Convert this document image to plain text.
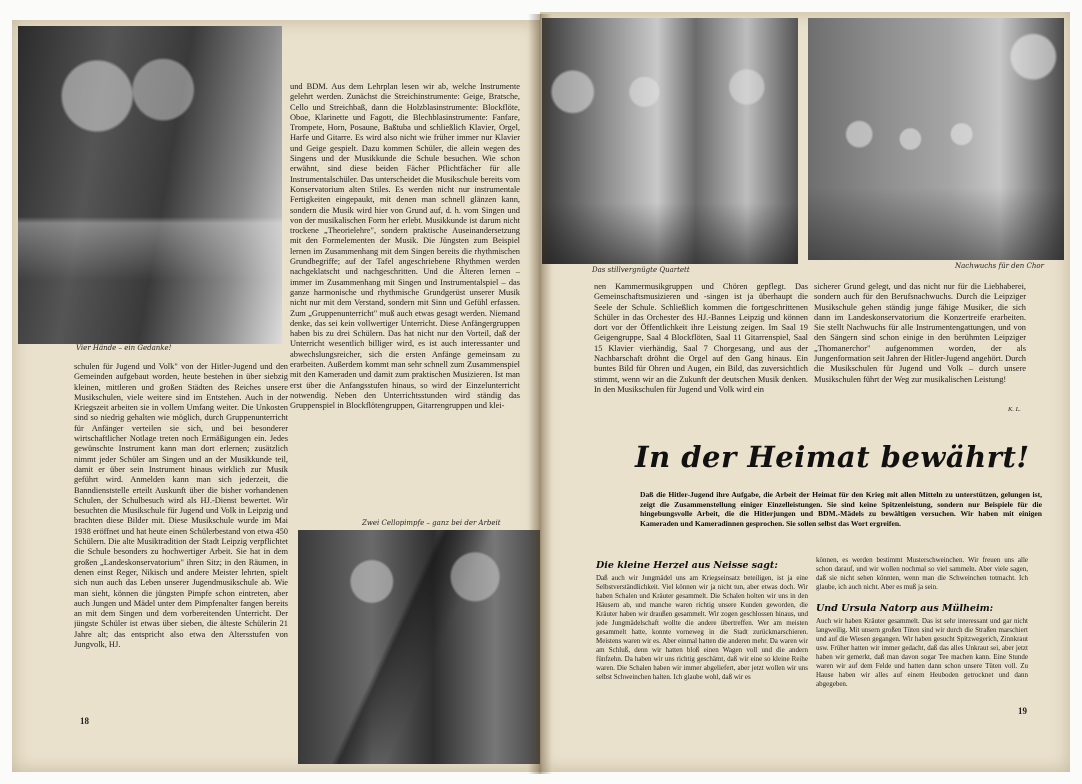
Vier Hände – ein Gedanke!

schulen für Jugend und Volk" von der Hitler-Jugend und den Gemeinden aufgebaut worden, heute bestehen in über siebzig kleinen, mittleren und großen Städten des Reiches unsere Musikschulen, viele weitere sind im Entstehen. Auch in der Kriegszeit arbeiten sie in vollem Umfang weiter. Die Unkosten sind so niedrig gehalten wie möglich, durch Gruppenunterricht für Anfänger verteilen sie sich, und bei besonderer wirtschaftlicher Notlage treten noch Ermäßigungen ein. Jedes gewünschte Instrument kann man dort erlernen; zusätzlich nimmt jeder Schüler am Singen und an der Musikkunde teil, damit er über sein Instrument hinaus wirklich zur Musik geführt wird. Anmelden kann man sich jederzeit, die Banndienststelle erteilt Auskunft über die bisher vorhandenen Schulen, der Schulbesuch wird als HJ.-Dienst bewertet. Wir besuchten die Musikschule für Jugend und Volk in Leipzig und brachten diese Bilder mit. Diese Musikschule wurde im Mai 1938 eröffnet und hat heute einen Schülerbestand von etwa 450 Schülern. Die alte Musiktradition der Stadt Leipzig verpflichtet die Schule besonders zu hochwertiger Arbeit. Sie hat in dem großen „Landeskonservatorium" ihren Sitz; in den Räumen, in denen einst Reger, Nikisch und andere Meister lehrten, spielt sich nun auch das Leben unserer Jugendmusikschule ab. Wie man sieht, können die jüngsten Pimpfe schon eintreten, aber auch Jungen und Mädel unter dem Pimpfenalter fangen bereits an mit dem Singen und dem vorbereitenden Unterricht. Der jüngste Schüler ist etwas über sieben, die älteste Schülerin 21 Jahre alt; das entspricht also etwa den Altersstufen von Jungvolk, HJ.

und BDM. Aus dem Lehrplan lesen wir ab, welche Instrumente gelehrt werden. Zunächst die Streichinstrumente: Geige, Bratsche, Cello und Streichbaß, dann die Holzblasinstrumente: Blockflöte, Oboe, Klarinette und Fagott, die Blechblasinstrumente: Fanfare, Trompete, Horn, Posaune, Baßtuba und schließlich Klavier, Orgel, Harfe und Gitarre. Es wird also nicht wie früher immer nur Klavier und Geige gespielt. Dazu kommen Schüler, die allein wegen des Singens und der Musikkunde die Schule besuchen. Wie schon erwähnt, sind diese beiden Fächer Pflichtfächer für alle Instrumentalschüler. Das unterscheidet die Musikschule bereits vom Konservatorium alten Stiles. Es werden nicht nur instrumentale Fertigkeiten eingepaukt, mit denen man schnell glänzen kann, sondern die Musik wird hier von Grund auf, d. h. vom Singen und von der musikalischen Form her erlebt. Musikkunde ist darum nicht trockene „Theorielehre", sondern praktische Auseinandersetzung mit den Formelementen der Musik. Die Jüngsten zum Beispiel lernen im Zusammenhang mit dem Singen bereits die rhythmischen Grundbegriffe; auf der Tafel angeschriebene Rhythmen werden nachgeklatscht und nachgeschritten. Und die Älteren lernen – immer im Zusammenhang mit Singen und Instrumentalspiel – das ganze harmonische und rhythmische Grundgerüst unserer Musik nicht nur mit dem Verstand, sondern mit Sinn und Gefühl erfassen. Zum „Gruppenunterricht" muß auch etwas gesagt werden. Niemand denke, das sei kein vollwertiger Unterricht. Diese Anfängergruppen haben bis zu drei Schülern. Das hat nicht nur den Vorteil, daß der Unterricht wesentlich billiger wird, es ist auch interessanter und abwechslungsreicher, sich die ersten Anfänge gemeinsam zu erarbeiten. Außerdem kommt man sehr schnell zum Zusammenspiel mit den Kameraden und damit zum praktischen Musizieren. Ist man erst über die Anfangsstufen hinaus, so wird der Einzelunterricht notwendig. Neben den Unterrichtsstunden wird ständig das Gruppenspiel in Blockflötengruppen, Gitarrengruppen und klei-

Zwei Cellopimpfe – ganz bei der Arbeit
18
Das stillvergnügte Quartett	Nachwuchs für den Chor

nen Kammermusikgruppen und Chören gepflegt. Das Gemeinschaftsmusizieren und -singen ist ja überhaupt die Seele der Schule. Schließlich kommen die fortgeschrittenen Schüler in das Orchester des HJ.-Bannes Leipzig und können dort vor der Öffentlichkeit ihre Leistung zeigen. Im Saal 19 Geigengruppe, Saal 4 Blockflöten, Saal 11 Gitarrenspiel, Saal 15 Klavier vierhändig, Saal 7 Chorgesang, und aus der Nachbarschaft dröhnt die Orgel auf den Gang hinaus. Ein buntes Bild für Ohren und Augen, ein Bild, das zuversichtlich stimmt, wenn wir an die Zukunft der deutschen Musik denken. In den Musikschulen für Jugend und Volk wird ein

sicherer Grund gelegt, und das nicht nur für die Liebhaberei, sondern auch für den Berufsnachwuchs. Durch die Leipziger Musikschule gehen ständig junge fähige Musiker, die sich dann im Landeskonservatorium die Konzertreife erarbeiten. Sie stellt Nachwuchs für alle Instrumentengattungen, und von den Sängern sind schon einige in den berühmten Leipziger „Thomanerchor" aufgenommen worden, der als Jungenformation seit Jahren der Hitler-Jugend angehört. Durch die Musikschulen für Jugend und Volk – durch unsere Musikschulen führt der Weg zur musikalischen Leistung!

K. L.
In der Heimat bewährt!
Daß die Hitler-Jugend ihre Aufgabe, die Arbeit der Heimat für den Krieg mit allen Mitteln zu unterstützen, gelungen ist, zeigt die Zusammenstellung einiger Einzelleistungen. Sie sind keine Spitzenleistung, sondern nur Beispiele für die hingebungsvolle Arbeit, die die Hitlerjungen und BDM.-Mädels zu bewältigen versuchen. Wir haben mit einigen Kameraden und Kameradinnen gesprochen. Sie sollen selbst das Wort ergreifen.
Die kleine Herzel aus Neisse sagt:
Daß auch wir Jungmädel uns am Kriegseinsatz beteiligen, ist ja eine Selbstverständlichkeit. Viel können wir ja nicht tun, aber etwas doch. Wir haben Schalen und Kräuter gesammelt. Die Schalen holten wir uns in den Häusern ab, und manche waren richtig unsere Kunden geworden, die Kräuter haben wir draußen gesammelt. Wir zogen geschlossen hinaus, und jede Jungmädelschaft wollte die andere übertreffen. Wer am meisten gesammelt hatte, konnte vorneweg in die Stadt zurückmarschieren. Meistens waren wir es. Aber einmal hatten die anderen mehr. Da waren wir am Schluß, denn wir hatten bloß einen Wagen voll und die andern fünfzehn. Da haben wir uns richtig geschämt, daß wir eine so kleine Reihe waren. Die Schalen haben wir immer abgeliefert, aber jetzt wollen wir uns selbst Schweinchen halten. Ich glaube wohl, daß wir es
können, es werden bestimmt Musterschweinchen. Wir freuen uns alle schon darauf, und wir wollen nochmal so viel sammeln. Aber viele sagen, daß sie nicht sehen könnten, wenn man die Schweinchen totmacht. Ich glaube, ich auch nicht. Aber es muß ja sein.
Und Ursula Natorp aus Mülheim:
Auch wir haben Kräuter gesammelt. Das ist sehr interessant und gar nicht langweilig. Mit unsern großen Tüten sind wir durch die Straßen marschiert und auf die Wiesen gegangen. Wir haben gesucht Spitzwegerich, Zinnkraut usw. Früher hatten wir immer gedacht, daß das alles Unkraut sei, aber jetzt haben wir gemerkt, daß man davon sogar Tee machen kann. Eine Stunde waren wir auf dem Felde und hatten dann schon unsere Tüten voll. Zu Hause haben wir alles auf einem Heuboden getrocknet und dann abgegeben.
19
